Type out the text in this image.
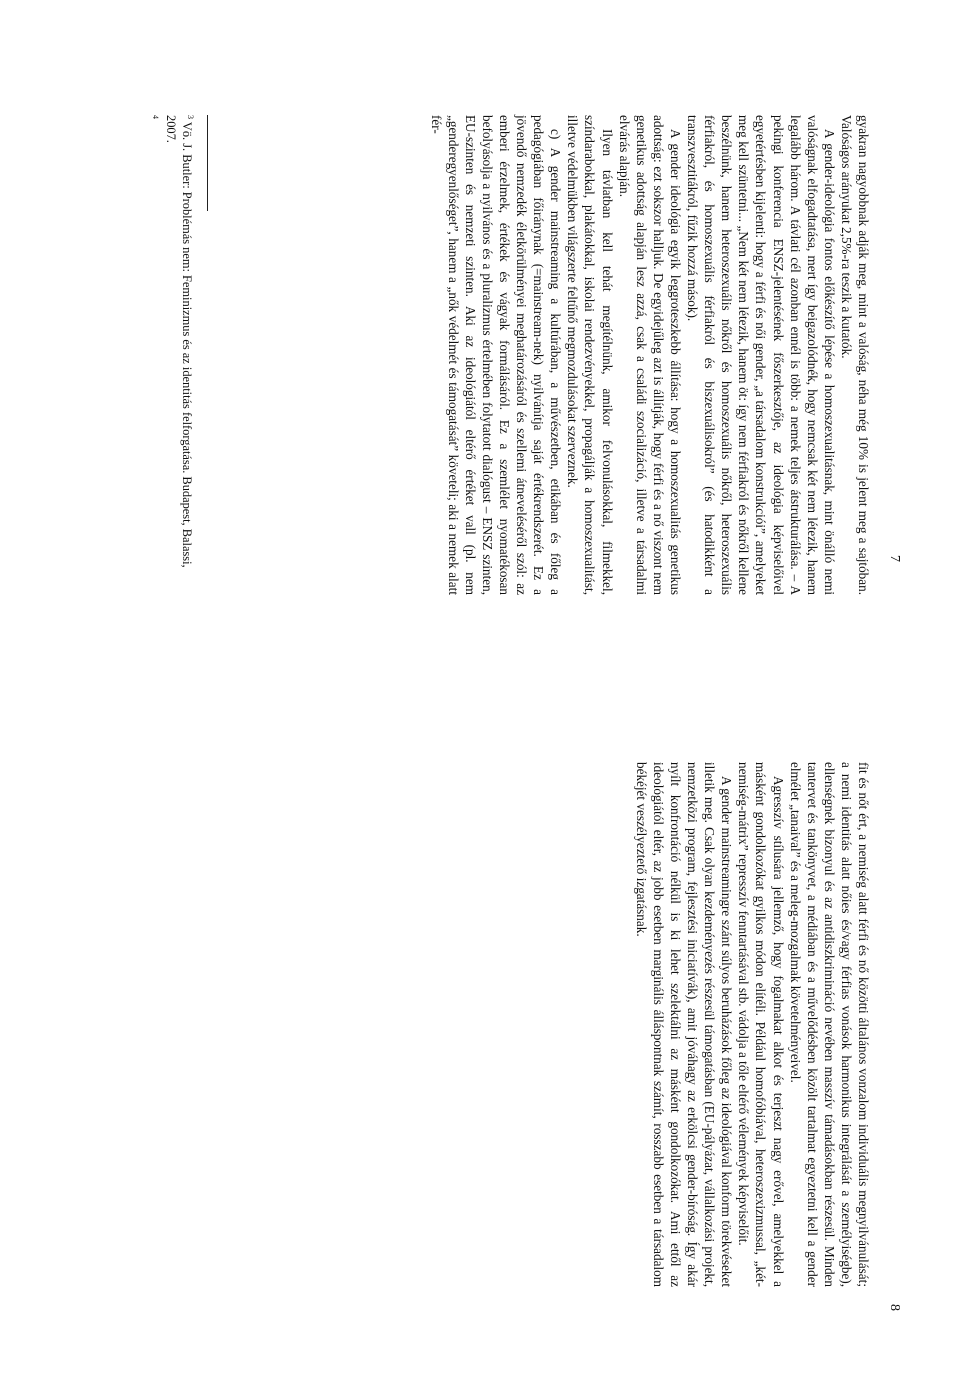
7

gyakran nagyobbnak adják meg, mint a valóság, néha még 10% is jelent meg a sajtóban. Valóságos arányukat 2,5%-ra teszik a kutatók.

A gender-ideológia fontos előkészítő lépése a homoszexualitásnak, mint önálló nemi valóságnak elfogadtatása, mert így beigazolódnék, hogy nemcsak két nem létezik, hanem legalább három. A távlati cél azonban ennél is több: a nemek teljes átstrukturálása. – A pekingi konferencia ENSZ-jelentésének főszerkesztője, az ideológia képviselőivel egyetértésben kijelenti: hogy a férfi és női gender, „a társadalom konstrukciói”, amelyeket meg kell szüntetni... „Nem két nem létezik, hanem öt: így nem férfiakról és nőkről kellene beszélnünk, hanem heteroszexuális nőkről és homoszexuális nőkről, heteroszexuális férfiakról, és homoszexuális férfiakról és biszexuálisokról” (és hatodikként a transzvesztitákról, fűzik hozzá mások).

A gender ideológia egyik leggroteszkebb állítása: hogy a homoszexualitás genetikus adottság: ezt sokszor halljuk. De egyidejűleg azt is állítják, hogy férfi és a nő viszont nem genetikus adottság alapján lesz azzá, csak a családi szocializáció, illetve a társadalmi elvárás alapján.

Ilyen távlatban kell tehát megítélnünk, amikor felvonulásokkal, filmekkel, színdarabokkal, plakátokkal, iskolai rendezvényekkel, propagálják a homoszexualitást, illetve védelmükben világszerte feltűnő megmozdulásokat szerveznek.

c) A gender mainstreaming a kultúrában, a művészetben, etikában és főleg a pedagógiában főiránynak (=mainstream-nek) nyilvánítja saját értékrendszerét. Ez a jövendő nemzedék életkörülményei meghatározásáról és szellemi átneveléséről szól: az emberi érzelmek, értékek és vágyak formálásáról. Ez a szemlélet nyomatékosan befolyásolja a nyilvános és a pluralizmus értelmében folytatott dialógust – ENSZ szinten, EU-szinten és nemzeti szinten. Aki az ideológiától eltérő értéket vall (pl. nem „genderegyenlőséget”, hanem a „nők védelmét és támogatását” követeli; aki a nemek alatt fér-

$^3$ Vö. J. Butler: Problémás nem: Feminizmus és az identitás felforgatása. Budapest, Balassi, 2007.

$^4$

8

fit és nőt ért, a nemiség alatt férfi és nő közötti általános vonzalom individuális megnyilvánulását; a nemi identitás alatt nőies és/vagy férfias vonások harmonikus integrálását a személyiségbe), ellenségnek bizonyul és az antidiszkrimináció nevében masszív támadásokban részesül. Minden tantervet és tankönyvet, a médiában és a művelődésben közölt tartalmat egyeztetni kell a gender elmélet „tanaival” és a meleg-mozgalmak követelményeivel.

Agresszív stílusára jellemző, hogy fogalmakat alkot és terjeszt nagy erővel, amelyekkel a másként gondolkozókat gyilkos módon elítéli. Például homofóbiával, heteroszexizmussal, „két-nemiség-mátrix” represszív fenntartásával stb. vádolja a tőle eltérő vélemények képviselőit.

A gender mainstreamingre szánt súlyos beruházások főleg az ideológiával konform törekvéseket illetik meg. Csak olyan kezdeményezés részesül támogatásban (EU-pályázat, vállalkozási projekt, nemzetközi program, fejlesztési iniciatívák), amit jóváhagy az erkölcsi gender-bíróság. Így akár nyílt konfrontáció nélkül is ki lehet szelektálni az másként gondolkozókat. Ami ettől az ideológiától eltér, az jobb esetben marginális álláspontnak számít, rosszabb esetben a társadalom békéjét veszélyeztető izgatásnak.
